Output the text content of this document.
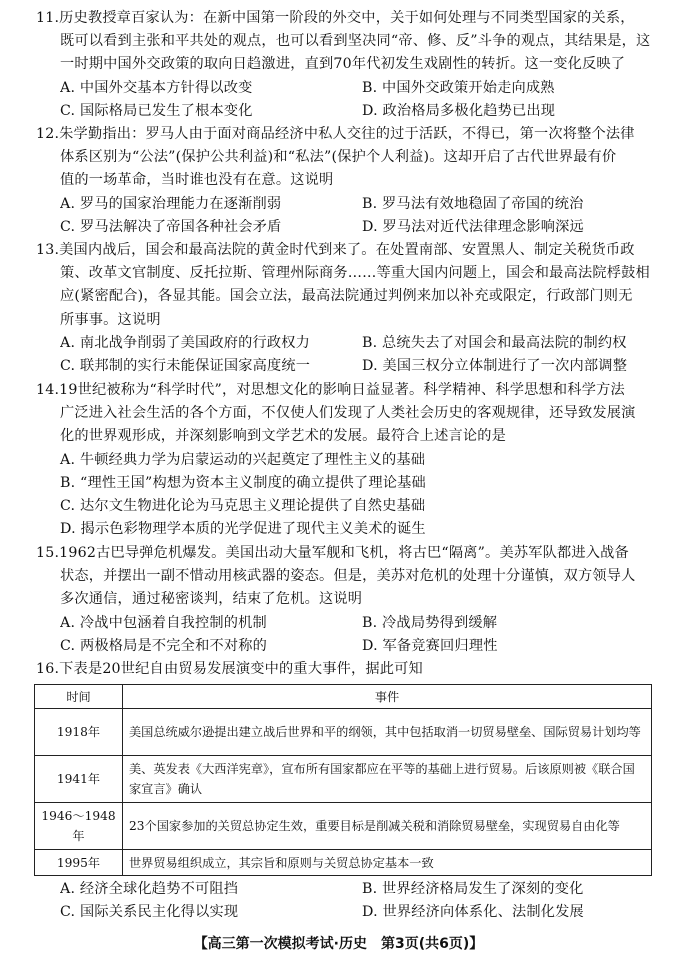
11.历史教授章百家认为：在新中国第一阶段的外交中，关于如何处理与不同类型国家的关系，

既可以看到主张和平共处的观点，也可以看到坚决同“帝、修、反”斗争的观点，其结果是，这

一时期中国外交政策的取向日趋激进，直到70年代初发生戏剧性的转折。这一变化反映了

A. 中国外交基本方针得以改变	B. 中国外交政策开始走向成熟
C. 国际格局已发生了根本变化	D. 政治格局多极化趋势已出现

12.朱学勤指出：罗马人由于面对商品经济中私人交往的过于活跃，不得已，第一次将整个法律

体系区别为“公法”(保护公共利益)和“私法”(保护个人利益)。这却开启了古代世界最有价

值的一场革命，当时谁也没有在意。这说明

A. 罗马的国家治理能力在逐渐削弱	B. 罗马法有效地稳固了帝国的统治
C. 罗马法解决了帝国各种社会矛盾	D. 罗马法对近代法律理念影响深远

13.美国内战后，国会和最高法院的黄金时代到来了。在处置南部、安置黑人、制定关税货币政

策、改革文官制度、反托拉斯、管理州际商务……等重大国内问题上，国会和最高法院桴鼓相

应(紧密配合)，各显其能。国会立法，最高法院通过判例来加以补充或限定，行政部门则无

所事事。这说明

A. 南北战争削弱了美国政府的行政权力	B. 总统失去了对国会和最高法院的制约权
C. 联邦制的实行未能保证国家高度统一	D. 美国三权分立体制进行了一次内部调整

14.19世纪被称为“科学时代”，对思想文化的影响日益显著。科学精神、科学思想和科学方法

广泛进入社会生活的各个方面，不仅使人们发现了人类社会历史的客观规律，还导致发展演

化的世界观形成，并深刻影响到文学艺术的发展。最符合上述言论的是

A. 牛顿经典力学为启蒙运动的兴起奠定了理性主义的基础

B. “理性王国”构想为资本主义制度的确立提供了理论基础

C. 达尔文生物进化论为马克思主义理论提供了自然史基础

D. 揭示色彩物理学本质的光学促进了现代主义美术的诞生

15.1962古巴导弹危机爆发。美国出动大量军舰和飞机，将古巴“隔离”。美苏军队都进入战备

状态，并摆出一副不惜动用核武器的姿态。但是，美苏对危机的处理十分谨慎，双方领导人

多次通信，通过秘密谈判，结束了危机。这说明

A. 冷战中包涵着自我控制的机制	B. 冷战局势得到缓解
C. 两极格局是不完全和不对称的	D. 军备竞赛回归理性

16.下表是20世纪自由贸易发展演变中的重大事件，据此可知

时间	事件
1918年	美国总统威尔逊提出建立战后世界和平的纲领，其中包括取消一切贸易壁垒、国际贸易计划均等
1941年	美、英发表《大西洋宪章》，宣布所有国家都应在平等的基础上进行贸易。后该原则被《联合国家宣言》确认
1946～1948年	23个国家参加的关贸总协定生效，重要目标是削减关税和消除贸易壁垒，实现贸易自由化等
1995年	世界贸易组织成立，其宗旨和原则与关贸总协定基本一致
A. 经济全球化趋势不可阻挡	B. 世界经济格局发生了深刻的变化
C. 国际关系民主化得以实现	D. 世界经济向体系化、法制化发展
【高三第一次模拟考试·历史　第3页(共6页)】
